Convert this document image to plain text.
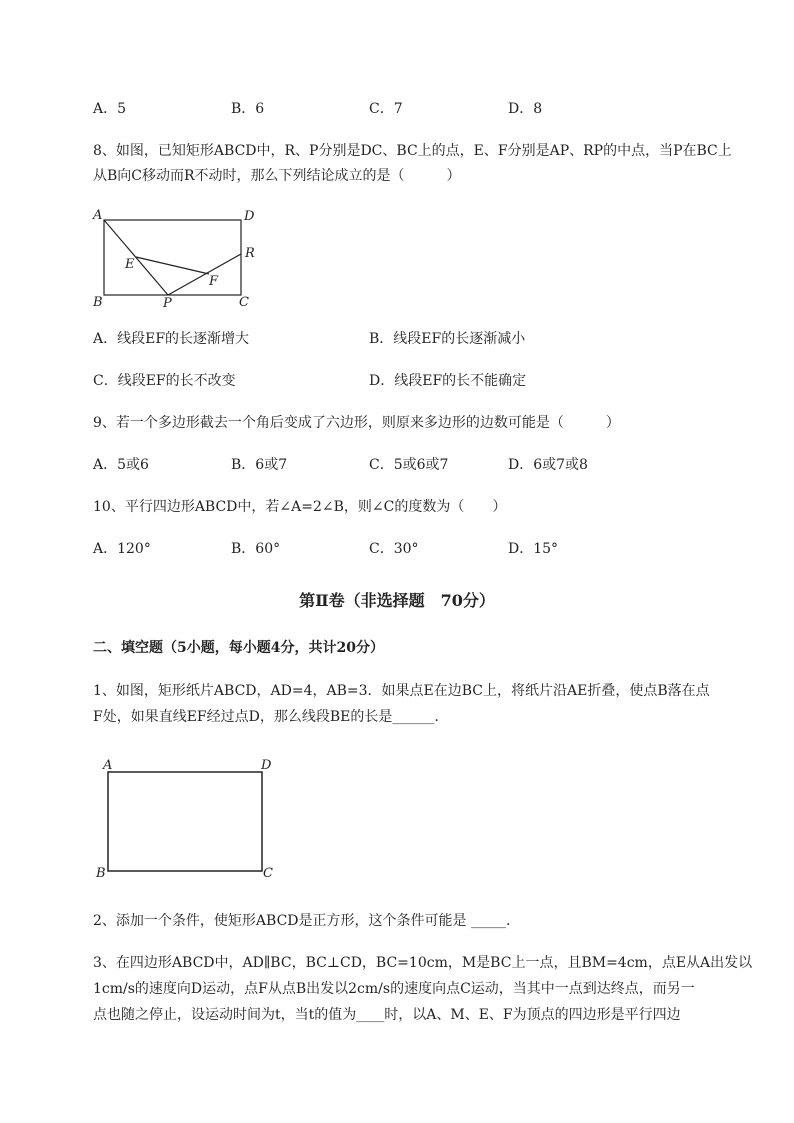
A．5	B．6	C．7	D．8
8、如图，已知矩形ABCD中，R、P分别是DC、BC上的点，E、F分别是AP、RP的中点，当P在BC上
从B向C移动而R不动时，那么下列结论成立的是（　　　）
A	D
R
E
F
B	P	C
A．线段EF的长逐渐增大	B．线段EF的长逐渐减小
C．线段EF的长不改变	D．线段EF的长不能确定
9、若一个多边形截去一个角后变成了六边形，则原来多边形的边数可能是（　　　）
A．5或6	B．6或7	C．5或6或7	D．6或7或8
10、平行四边形ABCD中，若∠A=2∠B，则∠C的度数为（　　）
A．120°	B．60°	C．30°	D．15°
第Ⅱ卷（非选择题　70分）
二、填空题（5小题，每小题4分，共计20分）
1、如图，矩形纸片ABCD，AD=4，AB=3．如果点E在边BC上，将纸片沿AE折叠，使点B落在点
F处，如果直线EF经过点D，那么线段BE的长是______.
A	D
B	C
2、添加一个条件，使矩形ABCD是正方形，这个条件可能是 _____.
3、在四边形ABCD中，AD∥BC，BC⊥CD，BC=10cm，M是BC上一点，且BM=4cm，点E从A出发以
1cm/s的速度向D运动，点F从点B出发以2cm/s的速度向点C运动，当其中一点到达终点，而另一
点也随之停止，设运动时间为t，当t的值为____时，以A、M、E、F为顶点的四边形是平行四边
